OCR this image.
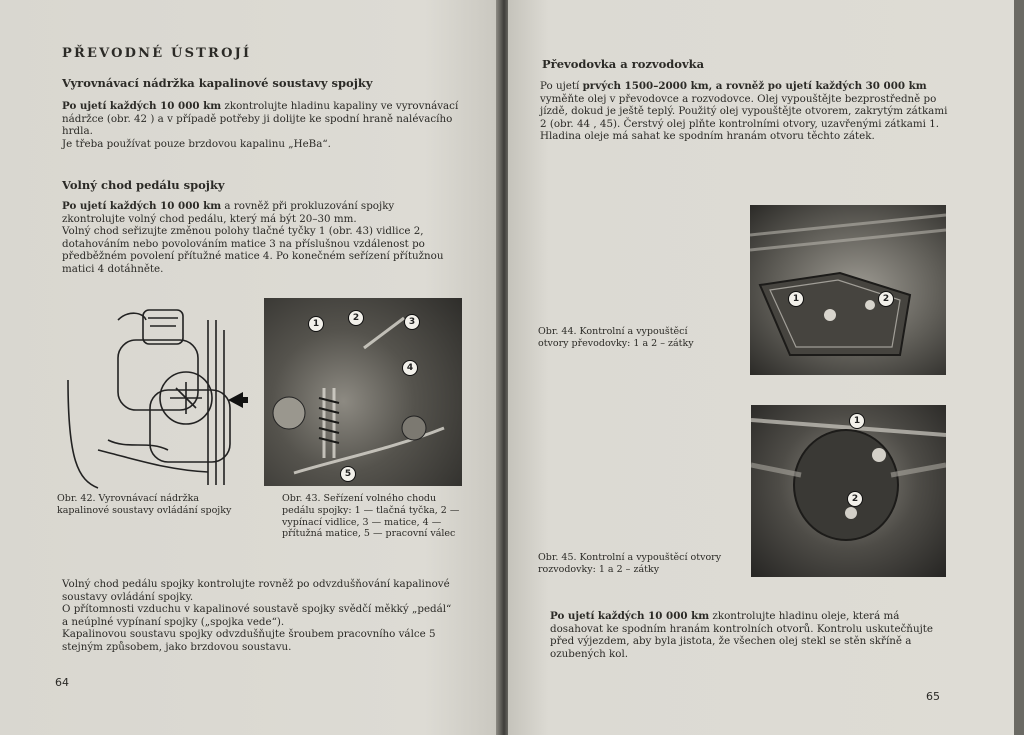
PŘEVODNÉ ÚSTROJÍ
Vyrovnávací nádržka kapalinové soustavy spojky

Po ujetí každých 10 000 km zkontrolujte hladinu kapaliny ve vyrovnávací nádržce (obr. 42 ) a v případě potřeby ji dolijte ke spodní hraně nalévacího hrdla.

Je třeba používat pouze brzdovou kapalinu „HeBa“.

Volný chod pedálu spojky

Po ujetí každých 10 000 km a rovněž při prokluzování spojky zkontrolujte volný chod pedálu, který má být 20–30 mm.

Volný chod seřizujte změnou polohy tlačné tyčky 1 (obr. 43) vidlice 2, dotahováním nebo povolováním matice 3 na příslušnou vzdálenost po předběžném povolení přítužné matice 4. Po konečném seřízení přítužnou matici 4 dotáhněte.

Obr. 42. Vyrovnávací nádržka kapalinové soustavy ovládání spojky
1
2	3
4
5
Obr. 43. Seřízení volného chodu pedálu spojky: 1 — tlačná tyčka, 2 — vypínací vidlice, 3 — matice, 4 — přítužná matice, 5 — pracovní válec

Volný chod pedálu spojky kontrolujte rovněž po odvzdušňování kapalinové soustavy ovládání spojky.

O přítomnosti vzduchu v kapalinové soustavě spojky svědčí měkký „pedál“ a neúplné vypínaní spojky („spojka vede“).

Kapalinovou soustavu spojky odvzdušňujte šroubem pracovního válce 5 stejným způsobem, jako brzdovou soustavu.

64
Převodovka a rozvodovka

Po ujetí prvých 1500–2000 km, a rovněž po ujetí každých 30 000 km vyměňte olej v převodovce a rozvodovce. Olej vypouštějte bezprostředně po jízdě, dokud je ještě teplý. Použitý olej vypouštějte otvorem, zakrytým zátkami 2 (obr. 44 , 45). Čerstvý olej plňte kontrolními otvory, uzavřenými zátkami 1. Hladina oleje má sahat ke spodním hranám otvoru těchto zátek.

1	2
Obr. 44. Kontrolní a vypouštěcí otvory převodovky: 1 a 2 – zátky
1
2
Obr. 45. Kontrolní a vypouštěcí otvory rozvodovky: 1 a 2 – zátky

Po ujetí každých 10 000 km zkontrolujte hladinu oleje, která má dosahovat ke spodním hranám kontrolních otvorů. Kontrolu uskutečňujte před výjezdem, aby byla jistota, že všechen olej stekl se stěn skříně a ozubených kol.

65
